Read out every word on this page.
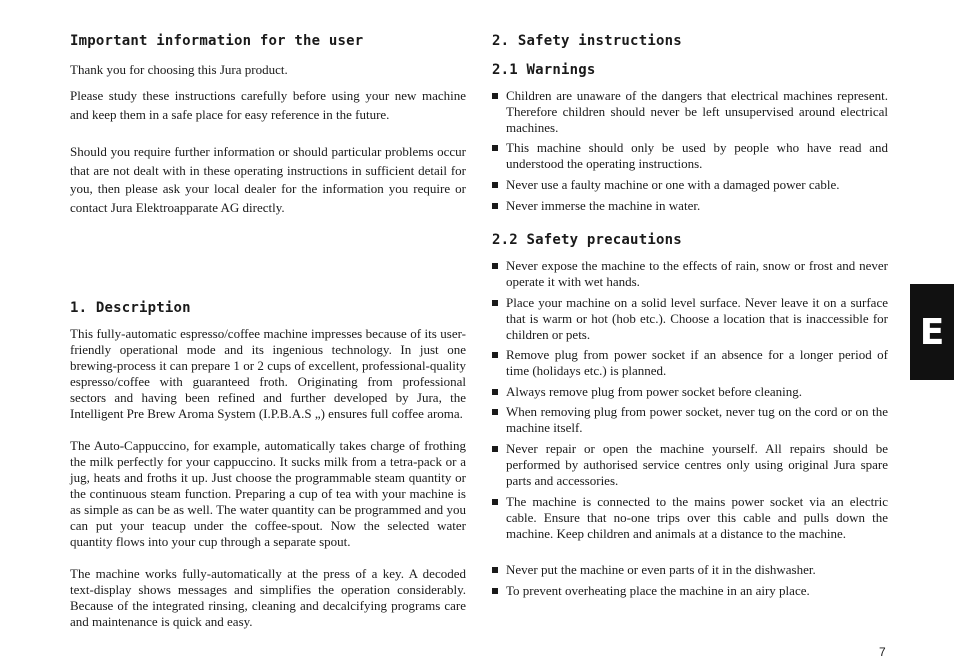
Important information for the user

Thank you for choosing this Jura product.

Please study these instructions carefully before using your new machine and keep them in a safe place for easy reference in the future.

Should you require further information or should particular problems occur that are not dealt with in these operating instructions in sufficient detail for you, then please ask your local dealer for the information you require or contact Jura Elektroapparate AG directly.

1. Description

This fully-automatic espresso/coffee machine impresses because of its user-friendly operational mode and its ingenious technology. In just one brewing-process it can prepare 1 or 2 cups of excellent, professional-quality espresso/coffee with guaranteed froth. Originating from professional sectors and having been refined and further developed by Jura, the Intelligent Pre Brew Aroma System (I.P.B.A.S „) ensures full coffee aroma.

The Auto-Cappuccino, for example, automatically takes charge of frothing the milk perfectly for your cappuccino. It sucks milk from a tetra-pack or a jug, heats and froths it up. Just choose the programmable steam quantity or the continuous steam function. Preparing a cup of tea with your machine is as simple as can be as well. The water quantity can be programmed and you can put your teacup under the coffee-spout. Now the selected water quantity flows into your cup through a separate spout.

The machine works fully-automatically at the press of a key. A decoded text-display shows messages and simplifies the operation considerably. Because of the integrated rinsing, cleaning and decalcifying programs care and maintenance is quick and easy.

2. Safety instructions
2.1 Warnings
Children are unaware of the dangers that electrical machines represent. Therefore children should never be left unsupervised around electrical machines.
This machine should only be used by people who have read and understood the operating instructions.
Never use a faulty machine or one with a damaged power cable.
Never immerse the machine in water.
2.2 Safety precautions
Never expose the machine to the effects of rain, snow or frost and never operate it with wet hands.
Place your machine on a solid level surface. Never leave it on a surface that is warm or hot (hob etc.). Choose a location that is inaccessible for children or pets.
Remove plug from power socket if an absence for a longer period of time (holidays etc.) is planned.
Always remove plug from power socket before cleaning.
When removing plug from power socket, never tug on the cord or on the machine itself.
Never repair or open the machine yourself. All repairs should be performed by authorised service centres only using original Jura spare parts and accessories.
The machine is connected to the mains power socket via an electric cable. Ensure that no-one trips over this cable and pulls down the machine. Keep children and animals at a distance to the machine.
Never put the machine or even parts of it in the dishwasher.
To prevent overheating place the machine in an airy place.
E
7
